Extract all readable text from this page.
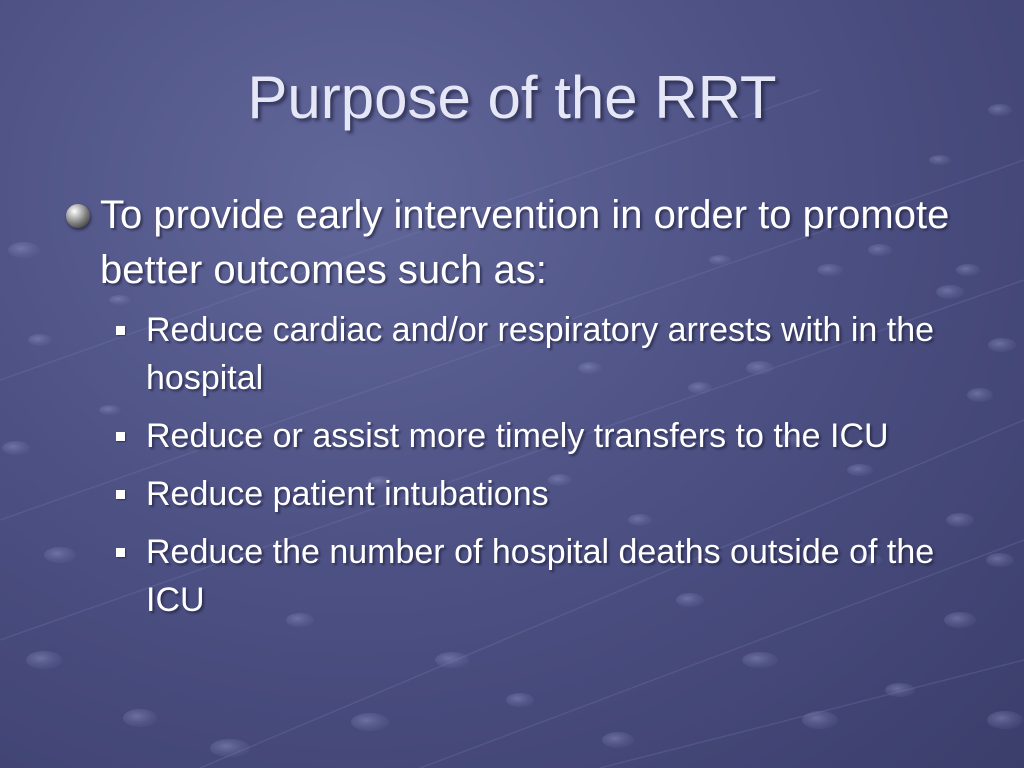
Purpose of the RRT
To provide early intervention in order to promote better outcomes such as:
Reduce cardiac and/or respiratory arrests with in the hospital
Reduce or assist more timely transfers to the ICU
Reduce patient intubations
Reduce the number of hospital deaths outside of the ICU
